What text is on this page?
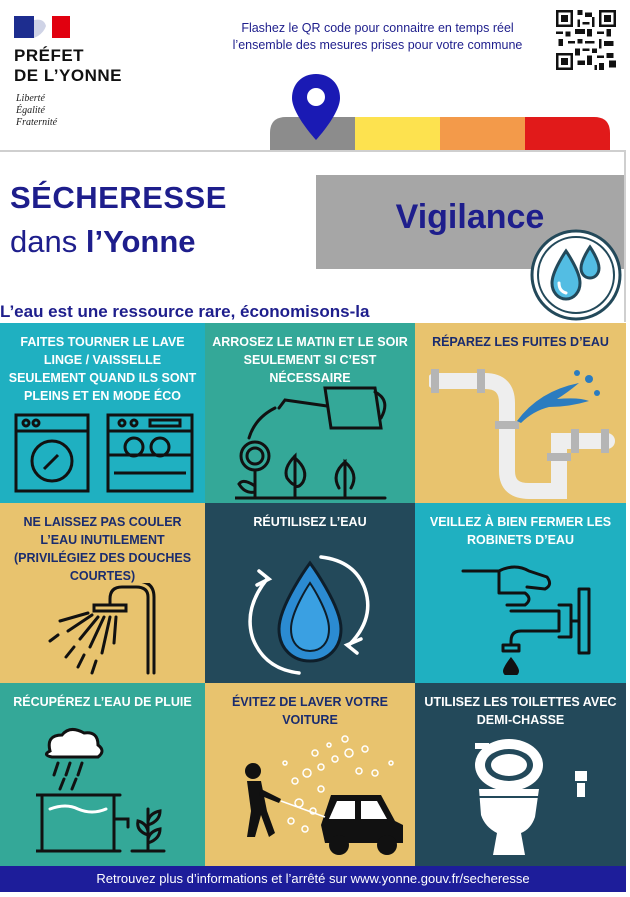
PRÉFET
DE L’YONNE
Liberté
Égalité
Fraternité
Flashez le QR code pour connaitre en temps réel
l’ensemble des mesures prises pour votre commune
SÉCHERESSE
dans l’Yonne
Vigilance
L’eau est une ressource rare, économisons-la
FAITES TOURNER LE LAVE LINGE / VAISSELLE SEULEMENT QUAND ILS SONT PLEINS ET EN MODE ÉCO
ARROSEZ LE MATIN ET LE SOIR SEULEMENT SI C’EST NÉCESSAIRE
RÉPAREZ LES FUITES D’EAU
NE LAISSEZ PAS COULER L’EAU INUTILEMENT (PRIVILÉGIEZ DES DOUCHES COURTES)
RÉUTILISEZ L’EAU	VEILLEZ À BIEN FERMER LES ROBINETS D’EAU
RÉCUPÉREZ L’EAU DE PLUIE	ÉVITEZ DE LAVER VOTRE VOITURE
UTILISEZ LES TOILETTES AVEC DEMI-CHASSE
Retrouvez plus d’informations et l’arrêté sur www.yonne.gouv.fr/secheresse
